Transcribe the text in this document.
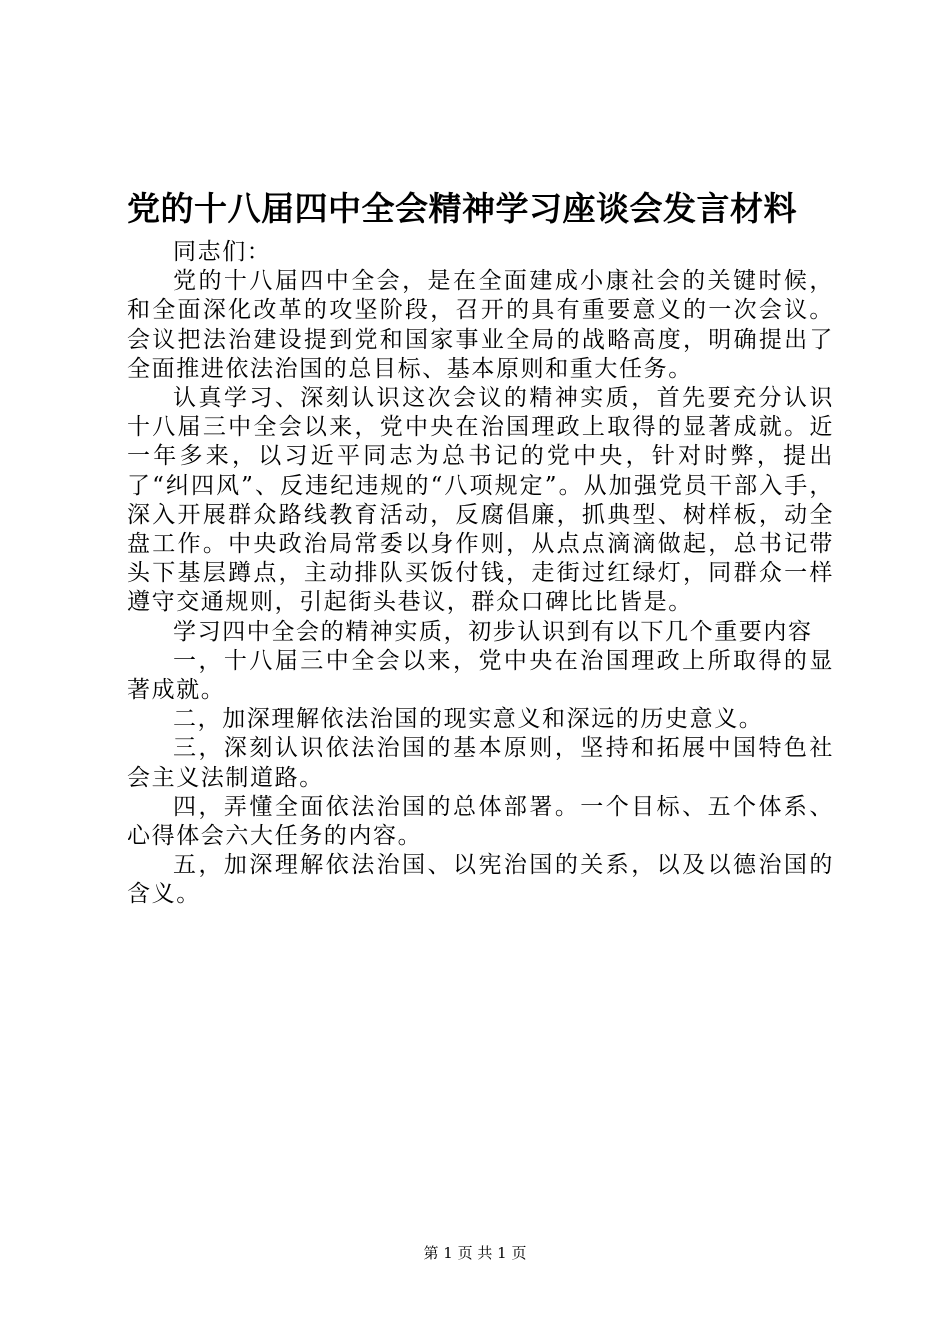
党的十八届四中全会精神学习座谈会发言材料

同志们：

党的十八届四中全会，是在全面建成小康社会的关键时候，和全面深化改革的攻坚阶段，召开的具有重要意义的一次会议。会议把法治建设提到党和国家事业全局的战略高度，明确提出了全面推进依法治国的总目标、基本原则和重大任务。

认真学习、深刻认识这次会议的精神实质，首先要充分认识十八届三中全会以来，党中央在治国理政上取得的显著成就。近一年多来，以习近平同志为总书记的党中央，针对时弊，提出了“纠四风”、反违纪违规的“八项规定”。从加强党员干部入手，深入开展群众路线教育活动，反腐倡廉，抓典型、树样板，动全盘工作。中央政治局常委以身作则，从点点滴滴做起，总书记带头下基层蹲点，主动排队买饭付钱，走街过红绿灯，同群众一样遵守交通规则，引起街头巷议，群众口碑比比皆是。

学习四中全会的精神实质，初步认识到有以下几个重要内容

一，十八届三中全会以来，党中央在治国理政上所取得的显著成就。

二，加深理解依法治国的现实意义和深远的历史意义。

三，深刻认识依法治国的基本原则，坚持和拓展中国特色社会主义法制道路。

四，弄懂全面依法治国的总体部署。一个目标、五个体系、心得体会六大任务的内容。

五，加深理解依法治国、以宪治国的关系，以及以德治国的含义。

第 1 页 共 1 页
